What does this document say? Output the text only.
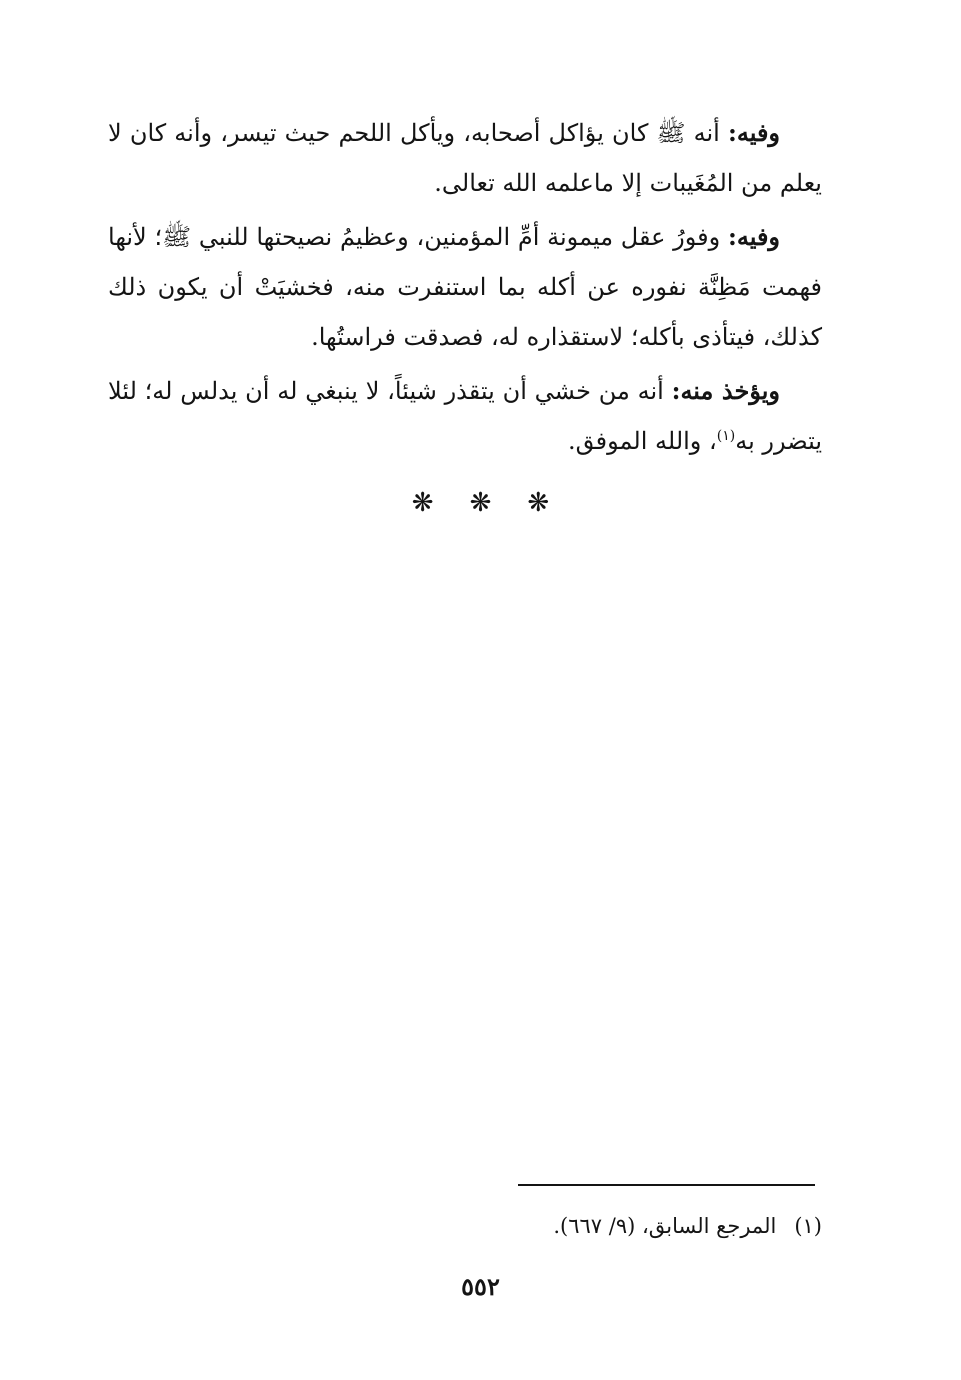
وفيه: أنه ﷺ كان يؤاكل أصحابه، ويأكل اللحم حيث تيسر، وأنه كان لا يعلم من المُغَيبات إلا ماعلمه الله تعالى.

وفيه: وفورُ عقل ميمونة أمِّ المؤمنين، وعظيمُ نصيحتها للنبي ﷺ؛ لأنها فهمت مَظِنَّة نفوره عن أكله بما استنفرت منه، فخشيَتْ أن يكون ذلك كذلك، فيتأذى بأكله؛ لاستقذاره له، فصدقت فراستُها.

ويؤخذ منه: أنه من خشي أن يتقذر شيئاً، لا ينبغي له أن يدلس له؛ لئلا يتضرر به$^{(١)}$، والله الموفق.

❋ ❋ ❋
(١)المرجع السابق، (٩/ ٦٦٧).
٥٥٢
